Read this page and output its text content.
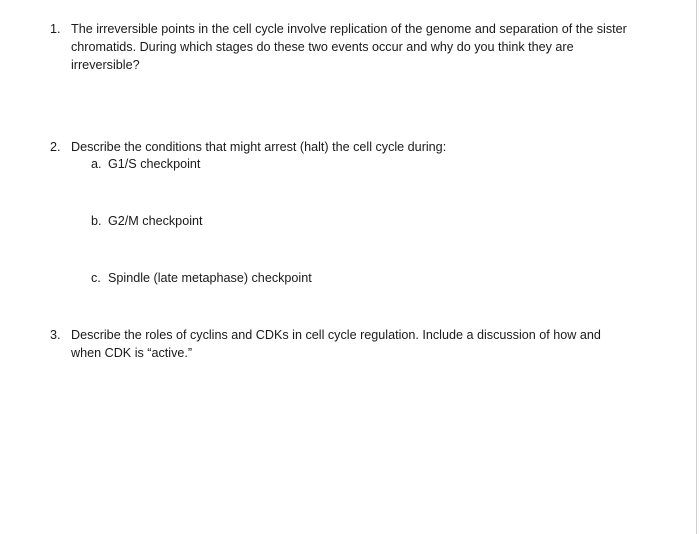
1. The irreversible points in the cell cycle involve replication of the genome and separation of the sister chromatids. During which stages do these two events occur and why do you think they are irreversible?
2. Describe the conditions that might arrest (halt) the cell cycle during:
a. G1/S checkpoint
b. G2/M checkpoint
c. Spindle (late metaphase) checkpoint
3. Describe the roles of cyclins and CDKs in cell cycle regulation. Include a discussion of how and when CDK is “active.”
